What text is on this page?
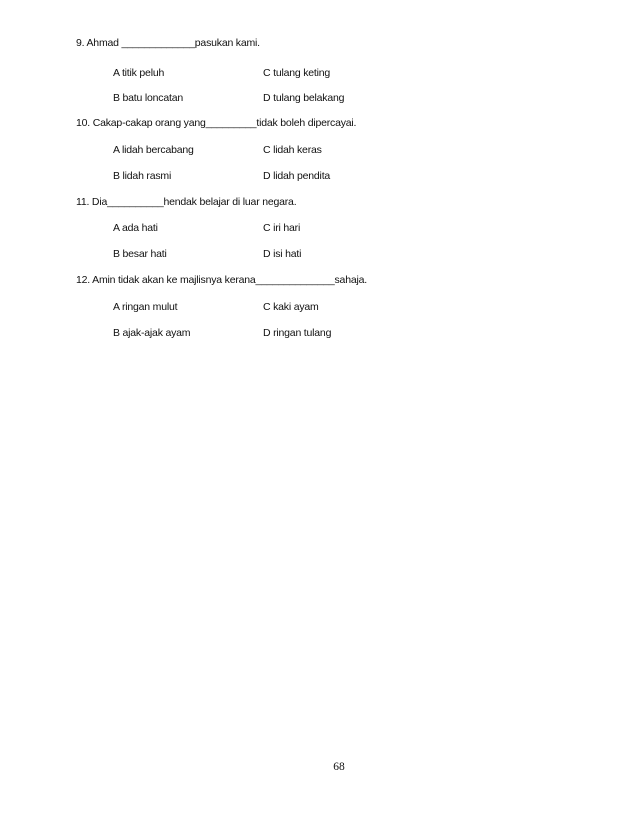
9. Ahmad _____________pasukan kami.
A titik peluh	C tulang keting
B batu loncatan	D tulang belakang
10. Cakap-cakap orang yang_________tidak boleh dipercayai.
A lidah bercabang	C lidah keras
B lidah rasmi	D lidah pendita
11. Dia__________hendak belajar di luar negara.
A ada hati	C iri hari
B besar hati	D isi hati
12. Amin tidak akan ke majlisnya kerana______________sahaja.
A ringan mulut	C kaki ayam
B ajak-ajak ayam	D ringan tulang
68
